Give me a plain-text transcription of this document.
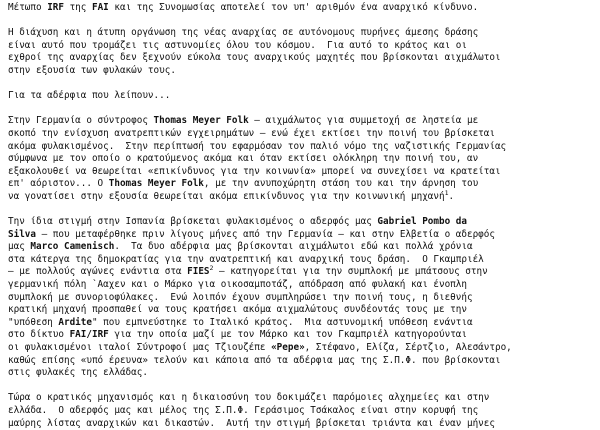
Μέτωπο IRF της FAI και της Συνομωσίας αποτελεί τον υπ' αριθμόν ένα αναρχικό κίνδυνο.
Η διάχυση και η άτυπη οργάνωση της νέας αναρχίας σε αυτόνομους πυρήνες άμεσης δράσης
είναι αυτό που τρομάζει τις αστυνομίες όλου του κόσμου.  Για αυτό το κράτος και οι
εχθροί της αναρχίας δεν ξεχνούν εύκολα τους αναρχικούς μαχητές που βρίσκονται αιχμάλωτοι
στην εξουσία των φυλακών τους.
Για τα αδέρφια που λείπουν...
Στην Γερμανία ο σύντροφος Thomas Meyer Folk – αιχμάλωτος για συμμετοχή σε ληστεία με
σκοπό την ενίσχυση ανατρεπτικών εγχειρημάτων – ενώ έχει εκτίσει την ποινή του βρίσκεται
ακόμα φυλακισμένος.  Στην περίπτωσή του εφαρμόσαν τον παλιό νόμο της ναζιστικής Γερμανίας
σύμφωνα με τον οποίο ο κρατούμενος ακόμα και όταν εκτίσει ολόκληρη την ποινή του, αν
εξακολουθεί να θεωρείται «επικίνδυνος για την κοινωνία» μπορεί να συνεχίσει να κρατείται
επ' αόριστον... Ο Thomas Meyer Folk, με την ανυποχώρητη στάση του και την άρνηση του
να γονατίσει στην εξουσία θεωρείται ακόμα επικίνδυνος για την κοινωνική μηχανή$^1$.
Την ίδια στιγμή στην Ισπανία βρίσκεται φυλακισμένος ο αδερφός μας Gabriel Pombo da
Silva – που μεταφέρθηκε πριν λίγους μήνες από την Γερμανία – και στην Ελβετία ο αδερφός
μας Marco Camenisch.  Τα δυο αδέρφια μας βρίσκονται αιχμάλωτοι εδώ και πολλά χρόνια
στα κάτεργα της δημοκρατίας για την ανατρεπτική και αναρχική τους δράση.  Ο Γκαμπριέλ
– με πολλούς αγώνες ενάντια στα FIES$^2$ – κατηγορείται για την συμπλοκή με μπάτσους στην
γερμανική πόλη `Ααχεν και ο Μάρκο για οικοσαμποτάζ, απόδραση από φυλακή και ένοπλη
συμπλοκή με συνοριοφύλακες.  Ενώ λοιπόν έχουν συμπληρώσει την ποινή τους, η διεθνής
κρατική μηχανή προσπαθεί να τους κρατήσει ακόμα αιχμαλώτους συνδέοντάς τους με την
"υπόθεση Ardite" που εμπνεύστηκε το Ιταλικό κράτος.  Μια αστυνομική υπόθεση ενάντια
στο δίκτυο FAI/IRF για την οποία μαζί με τον Μάρκο και τον Γκαμπριέλ κατηγορούνται
οι φυλακισμένοι ιταλοί Σύντροφοί μας Τζιουζέπε «Pepe», Στέφανο, Ελίζα, Σέρτζιο, Αλεσάντρο,
καθώς επίσης «υπό έρευνα» τελούν και κάποια από τα αδέρφια μας της Σ.Π.Φ. που βρίσκονται
στις φυλακές της ελλάδας.
Τώρα ο κρατικός μηχανισμός και η δικαιοσύνη του δοκιμάζει παρόμοιες αλχημείες και στην
ελλάδα.  Ο αδερφός μας και μέλος της Σ.Π.Φ. Γεράσιμος Τσάκαλος είναι στην κορυφή της
μαύρης λίστας αναρχικών και δικαστών.  Αυτή την στιγμή βρίσκεται τριάντα και έναν μήνες
